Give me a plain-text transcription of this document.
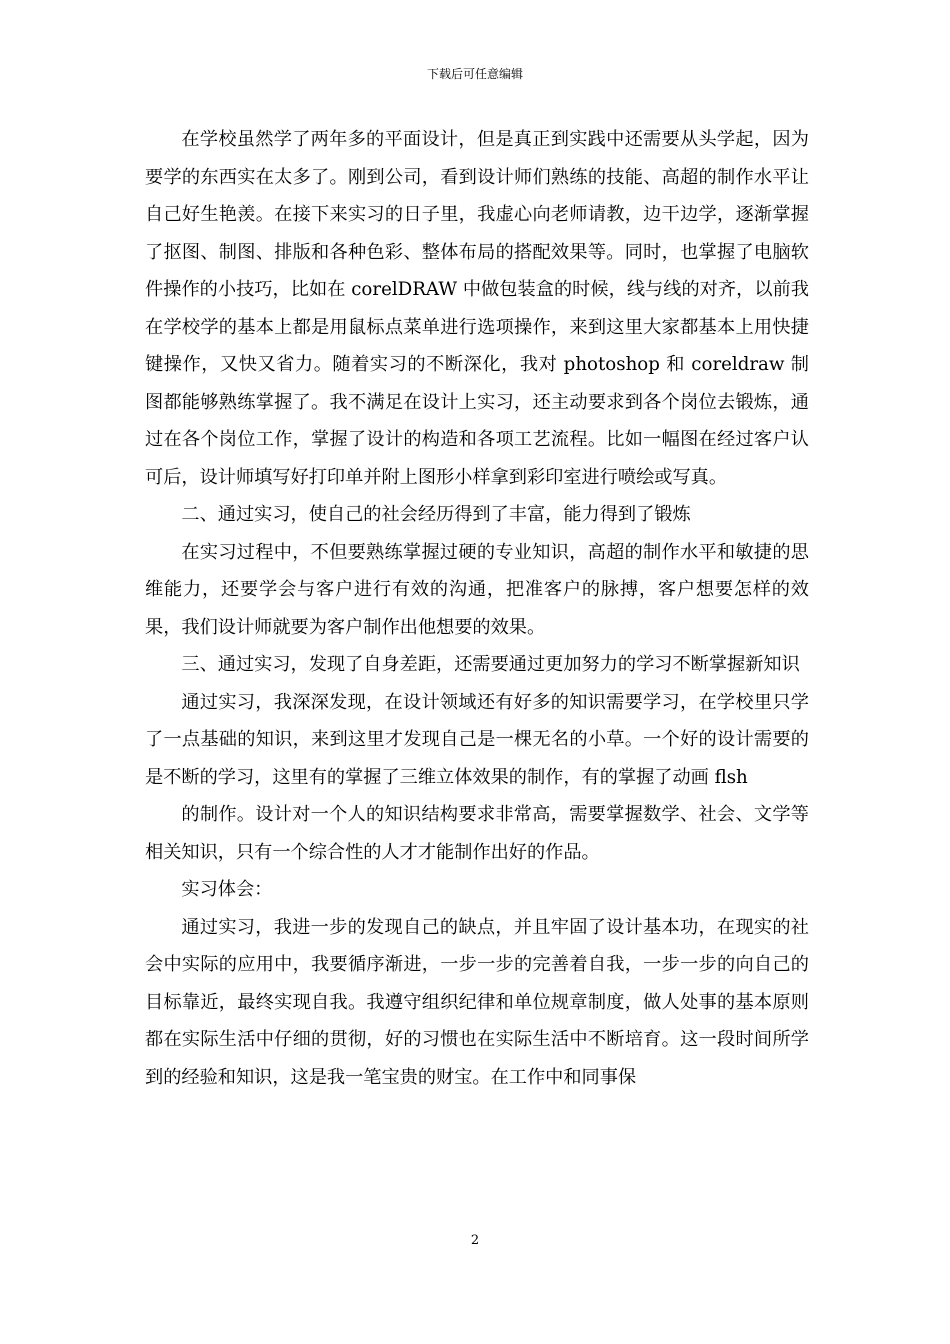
下载后可任意编辑

在学校虽然学了两年多的平面设计，但是真正到实践中还需要从头学起，因为要学的东西实在太多了。刚到公司，看到设计师们熟练的技能、高超的制作水平让自己好生艳羡。在接下来实习的日子里，我虚心向老师请教，边干边学，逐渐掌握了抠图、制图、排版和各种色彩、整体布局的搭配效果等。同时，也掌握了电脑软件操作的小技巧，比如在 corelDRAW 中做包装盒的时候，线与线的对齐，以前我在学校学的基本上都是用鼠标点菜单进行选项操作，来到这里大家都基本上用快捷键操作，又快又省力。随着实习的不断深化，我对 photoshop 和 coreldraw 制图都能够熟练掌握了。我不满足在设计上实习，还主动要求到各个岗位去锻炼，通过在各个岗位工作，掌握了设计的构造和各项工艺流程。比如一幅图在经过客户认可后，设计师填写好打印单并附上图形小样拿到彩印室进行喷绘或写真。

二、通过实习，使自己的社会经历得到了丰富，能力得到了锻炼

在实习过程中，不但要熟练掌握过硬的专业知识，高超的制作水平和敏捷的思维能力，还要学会与客户进行有效的沟通，把准客户的脉搏，客户想要怎样的效果，我们设计师就要为客户制作出他想要的效果。

三、通过实习，发现了自身差距，还需要通过更加努力的学习不断掌握新知识

通过实习，我深深发现，在设计领域还有好多的知识需要学习，在学校里只学了一点基础的知识，来到这里才发现自己是一棵无名的小草。一个好的设计需要的是不断的学习，这里有的掌握了三维立体效果的制作，有的掌握了动画 flsh

的制作。设计对一个人的知识结构要求非常高，需要掌握数学、社会、文学等相关知识，只有一个综合性的人才才能制作出好的作品。

实习体会：

通过实习，我进一步的发现自己的缺点，并且牢固了设计基本功，在现实的社会中实际的应用中，我要循序渐进，一步一步的完善着自我，一步一步的向自己的目标靠近，最终实现自我。我遵守组织纪律和单位规章制度，做人处事的基本原则都在实际生活中仔细的贯彻，好的习惯也在实际生活中不断培育。这一段时间所学到的经验和知识，这是我一笔宝贵的财宝。在工作中和同事保

2
